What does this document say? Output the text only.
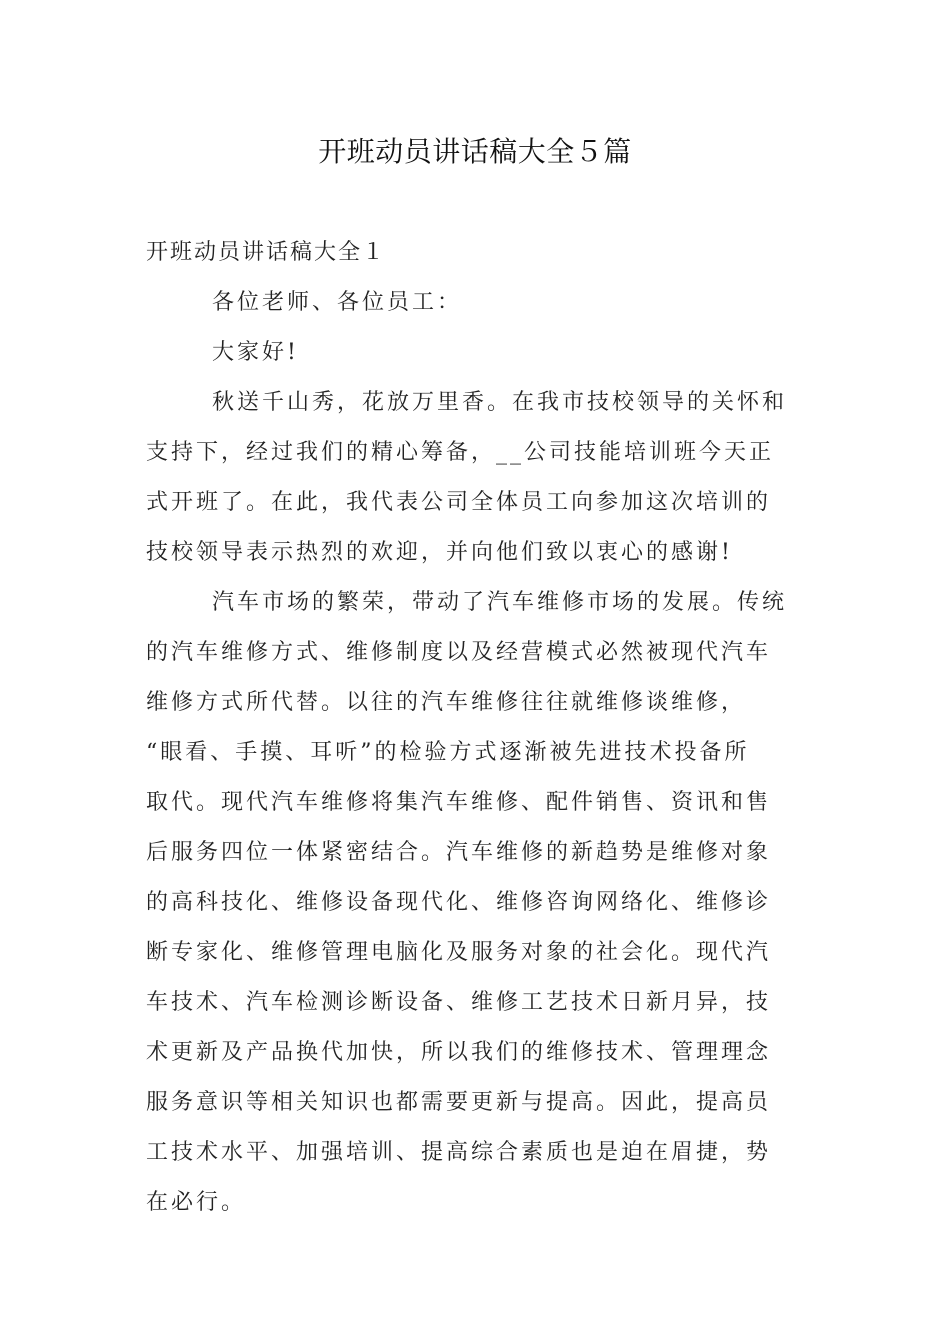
开班动员讲话稿大全５篇
开班动员讲话稿大全１
各位老师、各位员工：
大家好!
秋送千山秀，花放万里香。在我市技校领导的关怀和
支持下，经过我们的精心筹备，__公司技能培训班今天正
式开班了。在此，我代表公司全体员工向参加这次培训的
技校领导表示热烈的欢迎，并向他们致以衷心的感谢!
汽车市场的繁荣，带动了汽车维修市场的发展。传统
的汽车维修方式、维修制度以及经营模式必然被现代汽车
维修方式所代替。以往的汽车维修往往就维修谈维修，
“眼看、手摸、耳听”的检验方式逐渐被先进技术投备所
取代。现代汽车维修将集汽车维修、配件销售、资讯和售
后服务四位一体紧密结合。汽车维修的新趋势是维修对象
的高科技化、维修设备现代化、维修咨询网络化、维修诊
断专家化、维修管理电脑化及服务对象的社会化。现代汽
车技术、汽车检测诊断设备、维修工艺技术日新月异，技
术更新及产品换代加快，所以我们的维修技术、管理理念
服务意识等相关知识也都需要更新与提高。因此，提高员
工技术水平、加强培训、提高综合素质也是迫在眉捷，势
在必行。
